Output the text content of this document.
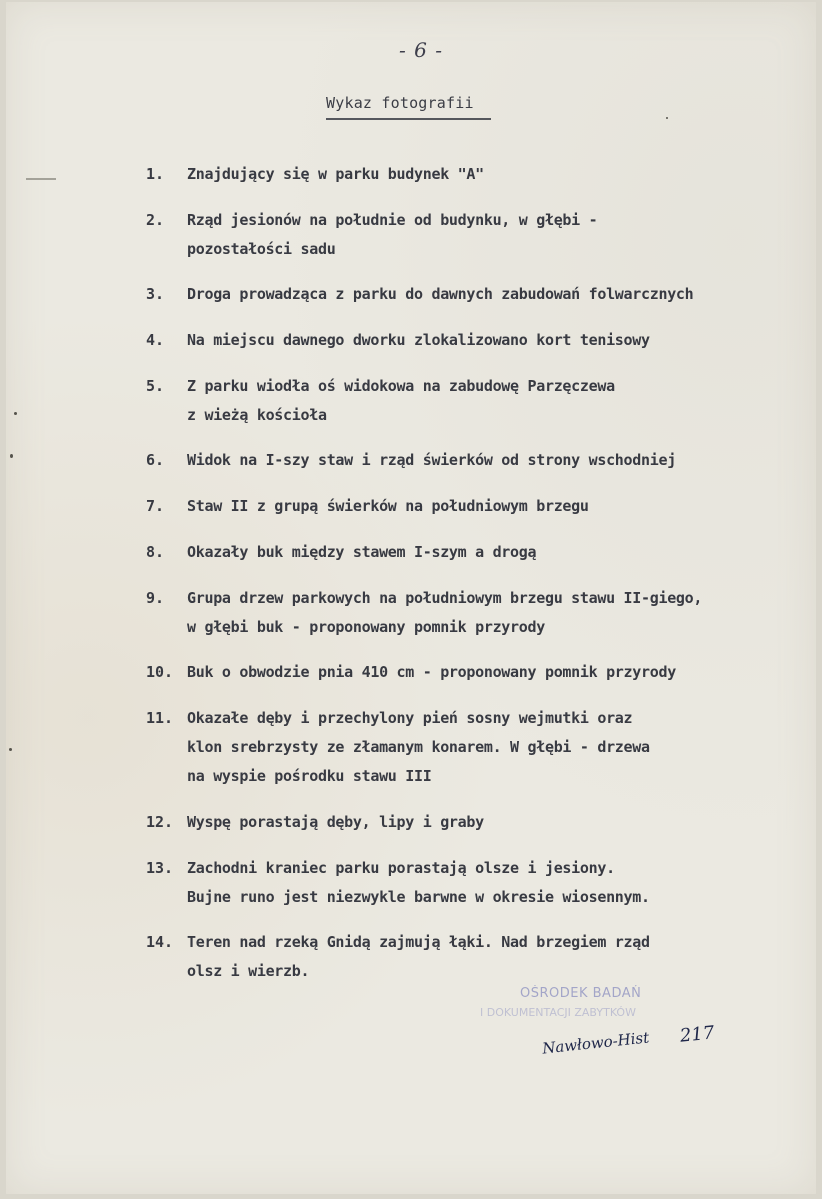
- 6 -
Wykaz fotografii
1.	Znajdujący się w parku budynek "A"
2.	Rząd jesionów na południe od budynku, w głębi -
pozostałości sadu
3.	Droga prowadząca z parku do dawnych zabudowań folwarcznych
4.	Na miejscu dawnego dworku zlokalizowano kort tenisowy
5.	Z parku wiodła oś widokowa na zabudowę Parzęczewa
z wieżą kościoła
6.	Widok na I-szy staw i rząd świerków od strony wschodniej
7.	Staw II z grupą świerków na południowym brzegu
8.	Okazały buk między stawem I-szym a drogą
9.	Grupa drzew parkowych na południowym brzegu stawu II-giego,
w głębi buk - proponowany pomnik przyrody
10. Buk o obwodzie pnia 410 cm - proponowany pomnik przyrody
11. Okazałe dęby i przechylony pień sosny wejmutki oraz
klon srebrzysty ze złamanym konarem. W głębi - drzewa
na wyspie pośrodku stawu III
12. Wyspę porastają dęby, lipy i graby
13. Zachodni kraniec parku porastają olsze i jesiony.
Bujne runo jest niezwykle barwne w okresie wiosennym.
14. Teren nad rzeką Gnidą zajmują łąki. Nad brzegiem rząd
olsz i wierzb.
OŚRODEK BADAŃ
I DOKUMENTACJI ZABYTKÓW
Nawłowo-Hist 217
